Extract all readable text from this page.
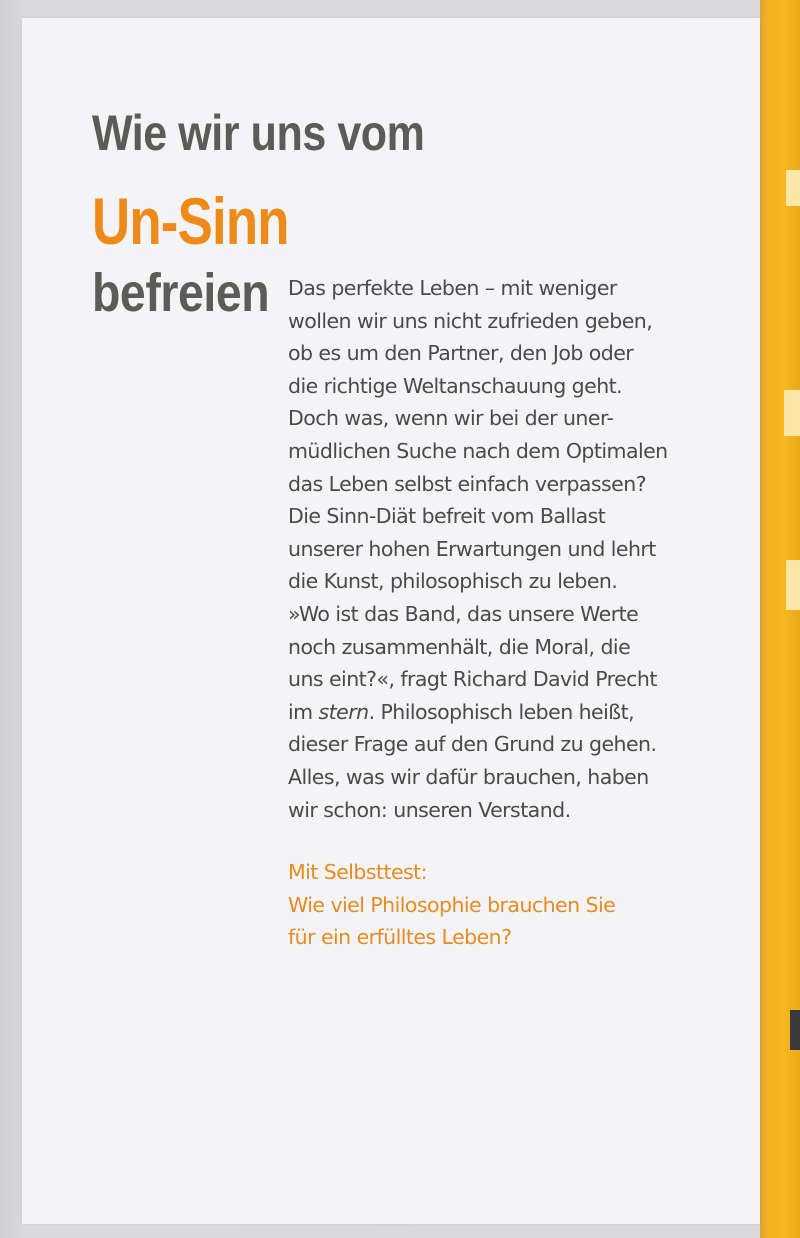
Wie wir uns vom
Un-Sinn
befreien Das perfekte Leben – mit weniger
wollen wir uns nicht zufrieden geben,
ob es um den Partner, den Job oder
die richtige Weltanschauung geht.
Doch was, wenn wir bei der uner-
müdlichen Suche nach dem Optimalen
das Leben selbst einfach verpassen?
Die Sinn-Diät befreit vom Ballast
unserer hohen Erwartungen und lehrt
die Kunst, philosophisch zu leben.
»Wo ist das Band, das unsere Werte
noch zusammenhält, die Moral, die
uns eint?«, fragt Richard David Precht
im stern. Philosophisch leben heißt,
dieser Frage auf den Grund zu gehen.
Alles, was wir dafür brauchen, haben
wir schon: unseren Verstand.
Mit Selbsttest:
Wie viel Philosophie brauchen Sie
für ein erfülltes Leben?
